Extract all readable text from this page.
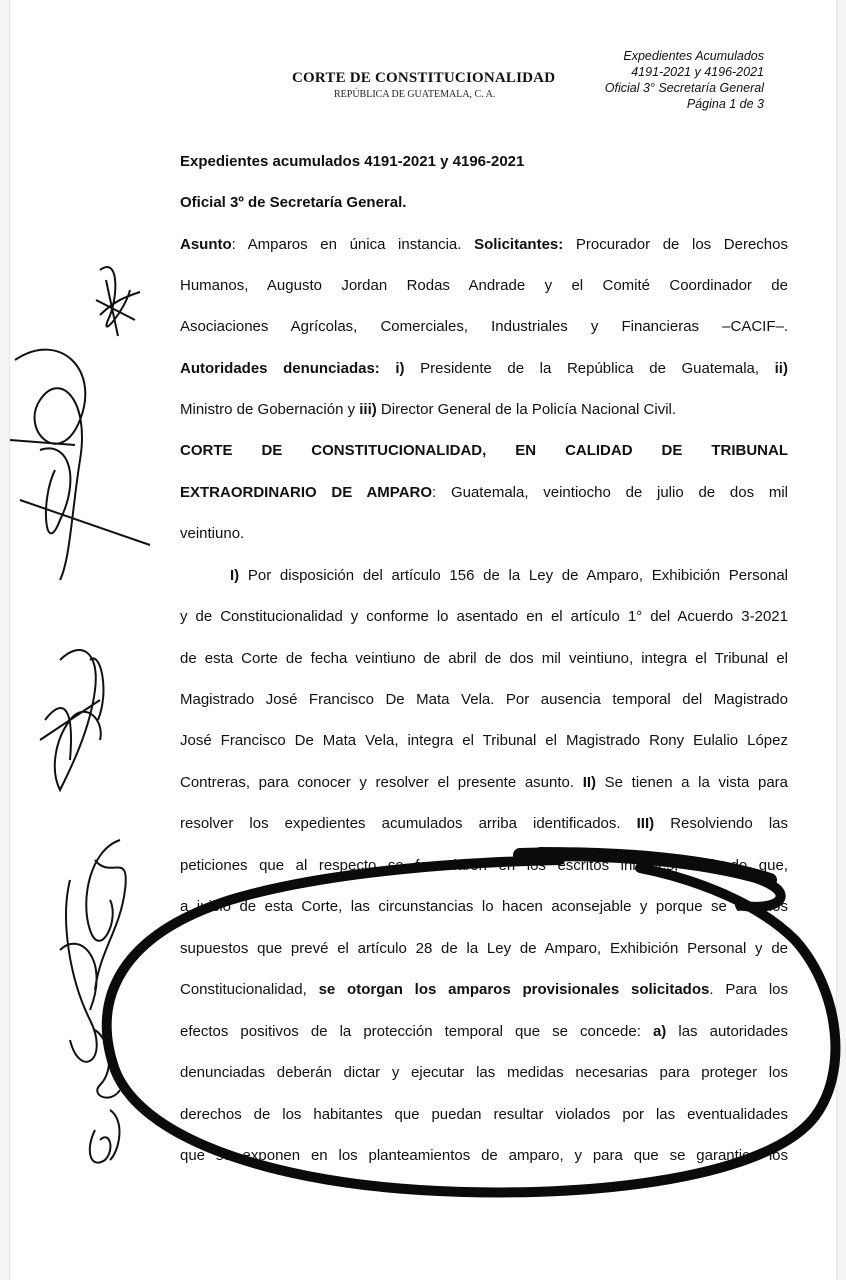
CORTE DE CONSTITUCIONALIDAD
REPÚBLICA DE GUATEMALA, C. A.
Expedientes Acumulados
4191-2021 y 4196-2021
Oficial 3° Secretaría General
Página 1 de 3
Expedientes acumulados 4191-2021 y 4196-2021
Oficial 3º de Secretaría General.
Asunto: Amparos en única instancia. Solicitantes: Procurador de los Derechos
Humanos, Augusto Jordan Rodas Andrade y el Comité Coordinador de
Asociaciones Agrícolas, Comerciales, Industriales y Financieras –CACIF–.
Autoridades denunciadas: i) Presidente de la República de Guatemala, ii)
Ministro de Gobernación y iii) Director General de la Policía Nacional Civil.
CORTE DE CONSTITUCIONALIDAD, EN CALIDAD DE TRIBUNAL
EXTRAORDINARIO DE AMPARO: Guatemala, veintiocho de julio de dos mil
veintiuno.
I) Por disposición del artículo 156 de la Ley de Amparo, Exhibición Personal
y de Constitucionalidad y conforme lo asentado en el artículo 1° del Acuerdo 3-2021
de esta Corte de fecha veintiuno de abril de dos mil veintiuno, integra el Tribunal el
Magistrado José Francisco De Mata Vela. Por ausencia temporal del Magistrado
José Francisco De Mata Vela, integra el Tribunal el Magistrado Rony Eulalio López
Contreras, para conocer y resolver el presente asunto. II) Se tienen a la vista para
resolver los expedientes acumulados arriba identificados. III) Resolviendo las
peticiones que al respecto se formularon en los escritos iniciales, derivado que,
a juicio de esta Corte, las circunstancias lo hacen aconsejable y porque se dan los
supuestos que prevé el artículo 28 de la Ley de Amparo, Exhibición Personal y de
Constitucionalidad, se otorgan los amparos provisionales solicitados. Para los
efectos positivos de la protección temporal que se concede: a) las autoridades
denunciadas deberán dictar y ejecutar las medidas necesarias para proteger los
derechos de los habitantes que puedan resultar violados por las eventualidades
que se exponen en los planteamientos de amparo, y para que se garantice los
